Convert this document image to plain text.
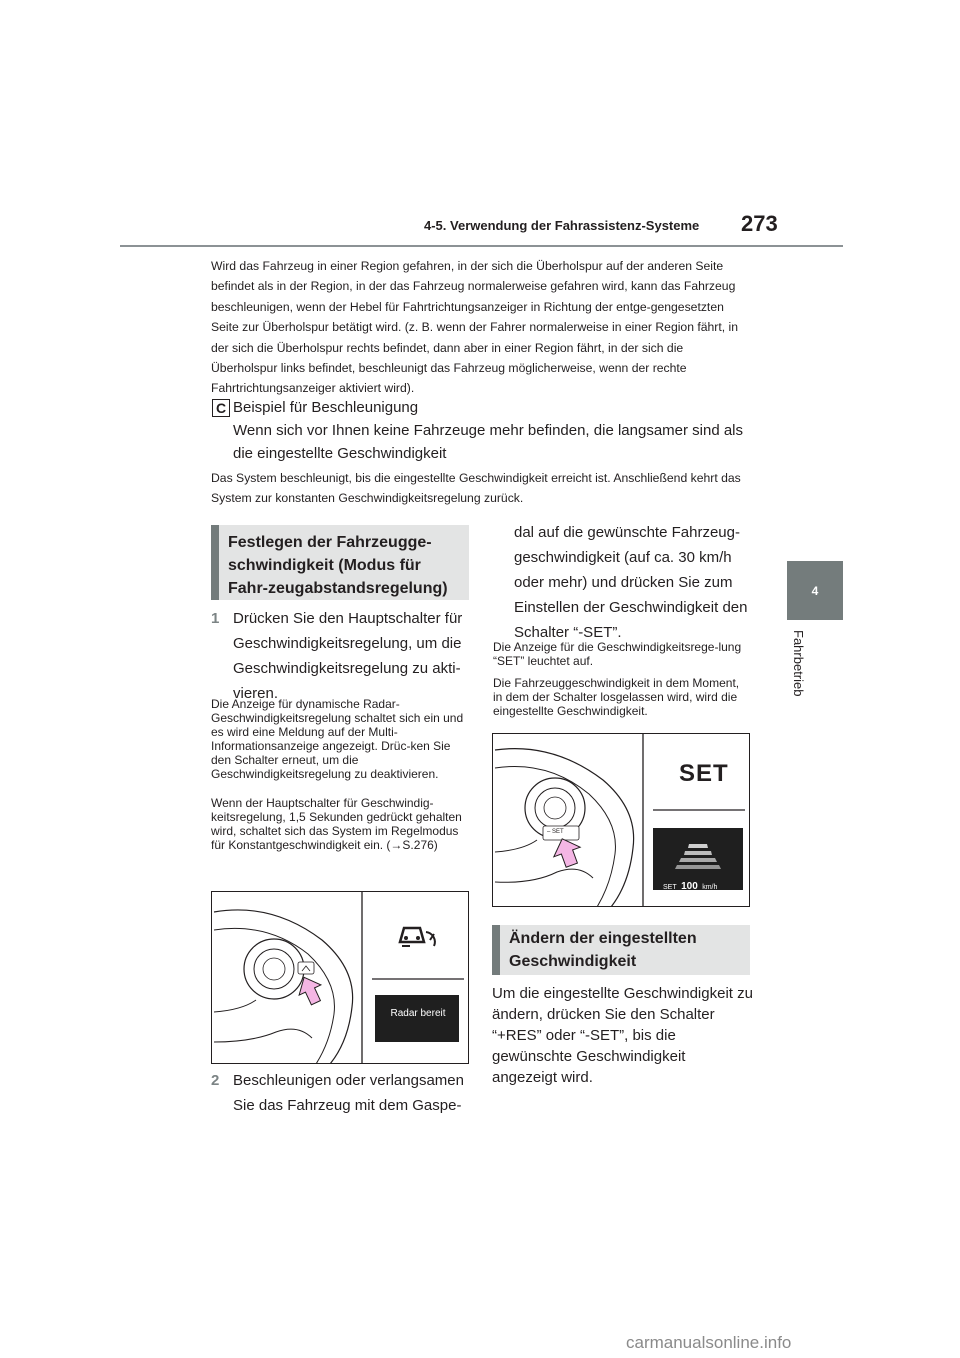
4-5. Verwendung der Fahrassistenz-Systeme 273
4
Fahrbetrieb

Wird das Fahrzeug in einer Region gefahren, in der sich die Überholspur auf der anderen Seite befindet als in der Region, in der das Fahrzeug normalerweise gefahren wird, kann das Fahrzeug beschleunigen, wenn der Hebel für Fahrtrichtungsanzeiger in Richtung der entge-gengesetzten Seite zur Überholspur betätigt wird. (z. B. wenn der Fahrer normalerweise in einer Region fährt, in der sich die Überholspur rechts befindet, dann aber in einer Region fährt, in der sich die Überholspur links befindet, beschleunigt das Fahrzeug möglicherweise, wenn der rechte Fahrtrichtungsanzeiger aktiviert wird).

C Beispiel für Beschleunigung

Wenn sich vor Ihnen keine Fahrzeuge mehr befinden, die langsamer sind als die eingestellte Geschwindigkeit

Das System beschleunigt, bis die eingestellte Geschwindigkeit erreicht ist. Anschließend kehrt das System zur konstanten Geschwindigkeitsregelung zurück.

Festlegen der Fahrzeugge-schwindigkeit (Modus für Fahr-zeugabstandsregelung)
1 Drücken Sie den Hauptschalter für Geschwindigkeitsregelung, um die Geschwindigkeitsregelung zu akti-vieren.

Die Anzeige für dynamische Radar-Geschwindigkeitsregelung schaltet sich ein und es wird eine Meldung auf der Multi-Informationsanzeige angezeigt. Drüc-ken Sie den Schalter erneut, um die Geschwindigkeitsregelung zu deaktivieren.

Wenn der Hauptschalter für Geschwindig-keitsregelung, 1,5 Sekunden gedrückt gehalten wird, schaltet sich das System im Regelmodus für Konstantgeschwindigkeit ein. (→S.276)

Radar bereit
2 Beschleunigen oder verlangsamen Sie das Fahrzeug mit dem Gaspe-

dal auf die gewünschte Fahrzeug-geschwindigkeit (auf ca. 30 km/h oder mehr) und drücken Sie zum Einstellen der Geschwindigkeit den Schalter “-SET”.

Die Anzeige für die Geschwindigkeitsrege-lung “SET” leuchtet auf.

Die Fahrzeuggeschwindigkeit in dem Moment, in dem der Schalter losgelassen wird, wird die eingestellte Geschwindigkeit.

SET
– SET
SET 100 km/h
Ändern der eingestellten Geschwindigkeit

Um die eingestellte Geschwindigkeit zu ändern, drücken Sie den Schalter “+RES” oder “-SET”, bis die gewünschte Geschwindigkeit angezeigt wird.

carmanualsonline.info
